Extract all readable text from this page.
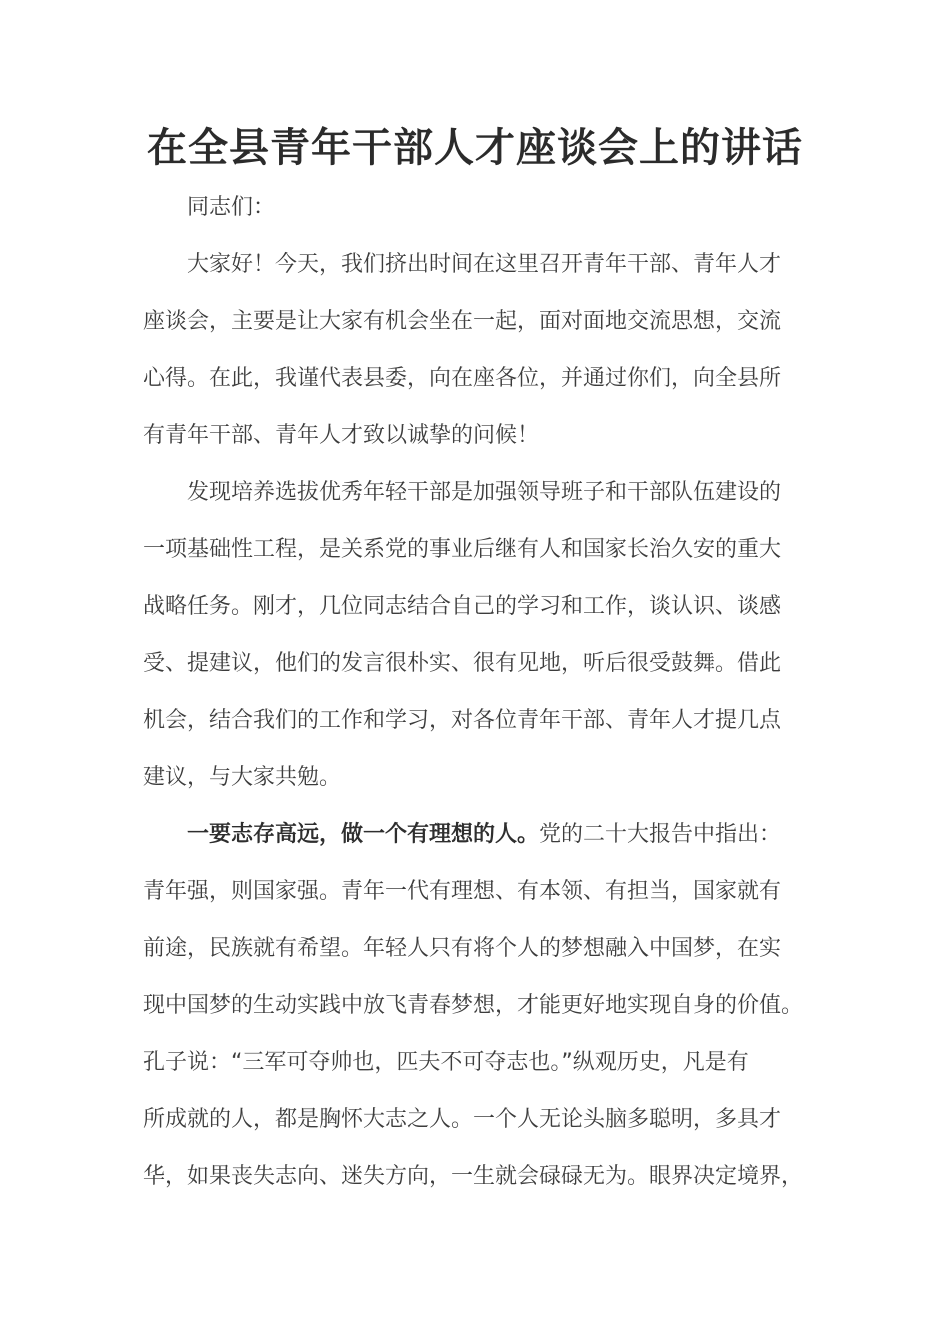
在全县青年干部人才座谈会上的讲话
同志们：
大家好！今天，我们挤出时间在这里召开青年干部、青年人才
座谈会，主要是让大家有机会坐在一起，面对面地交流思想，交流
心得。在此，我谨代表县委，向在座各位，并通过你们，向全县所
有青年干部、青年人才致以诚挚的问候！
发现培养选拔优秀年轻干部是加强领导班子和干部队伍建设的
一项基础性工程，是关系党的事业后继有人和国家长治久安的重大
战略任务。刚才，几位同志结合自己的学习和工作，谈认识、谈感
受、提建议，他们的发言很朴实、很有见地，听后很受鼓舞。借此
机会，结合我们的工作和学习，对各位青年干部、青年人才提几点
建议，与大家共勉。
一要志存高远，做一个有理想的人。党的二十大报告中指出：
青年强，则国家强。青年一代有理想、有本领、有担当，国家就有
前途，民族就有希望。年轻人只有将个人的梦想融入中国梦，在实
现中国梦的生动实践中放飞青春梦想，才能更好地实现自身的价值。
孔子说：“三军可夺帅也，匹夫不可夺志也。”纵观历史，凡是有
所成就的人，都是胸怀大志之人。一个人无论头脑多聪明，多具才
华，如果丧失志向、迷失方向，一生就会碌碌无为。眼界决定境界，
